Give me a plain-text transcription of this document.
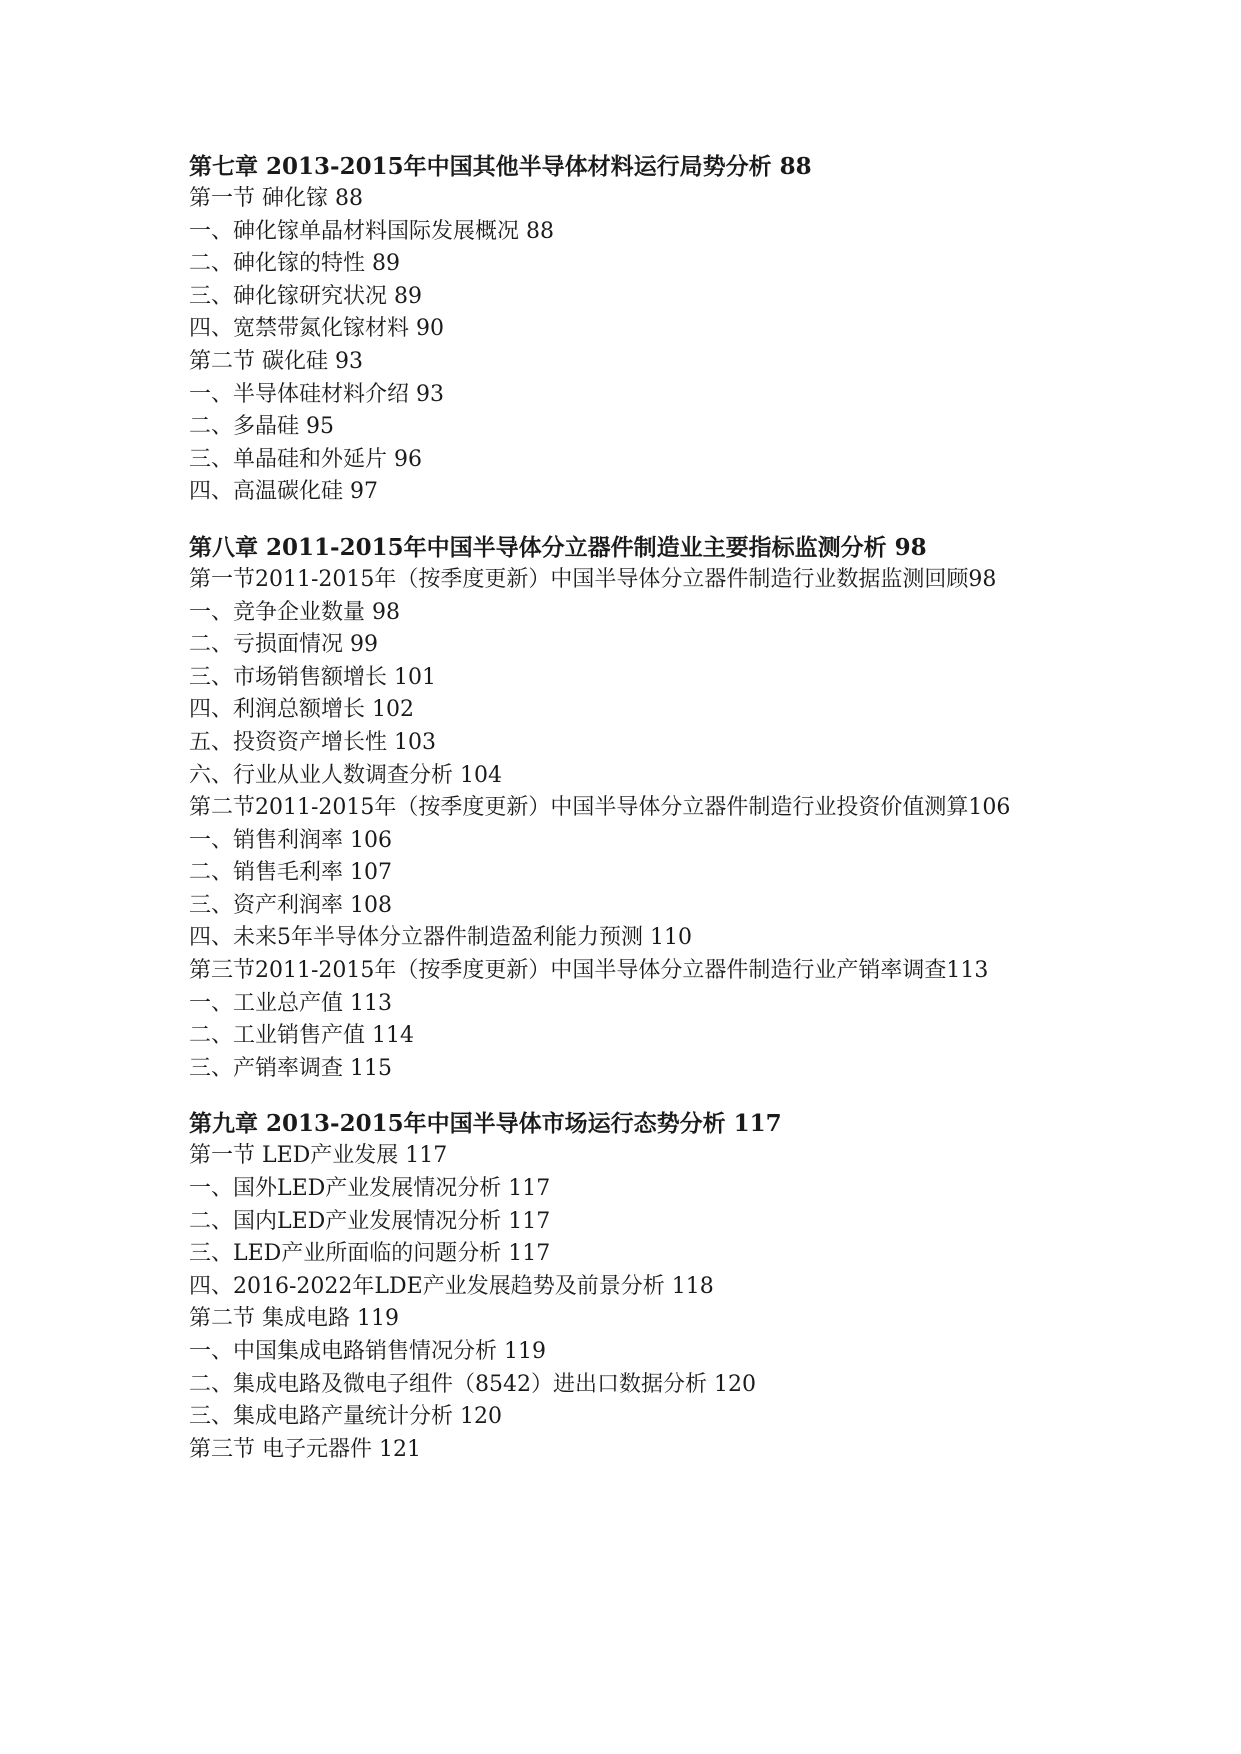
第七章 2013-2015年中国其他半导体材料运行局势分析 88
第一节 砷化镓 88
一、砷化镓单晶材料国际发展概况 88
二、砷化镓的特性 89
三、砷化镓研究状况 89
四、宽禁带氮化镓材料 90
第二节 碳化硅 93
一、半导体硅材料介绍 93
二、多晶硅 95
三、单晶硅和外延片 96
四、高温碳化硅 97
第八章 2011-2015年中国半导体分立器件制造业主要指标监测分析 98
第一节2011-2015年（按季度更新）中国半导体分立器件制造行业数据监测回顾98
一、竞争企业数量 98
二、亏损面情况 99
三、市场销售额增长 101
四、利润总额增长 102
五、投资资产增长性 103
六、行业从业人数调查分析 104
第二节2011-2015年（按季度更新）中国半导体分立器件制造行业投资价值测算106
一、销售利润率 106
二、销售毛利率 107
三、资产利润率 108
四、未来5年半导体分立器件制造盈利能力预测 110
第三节2011-2015年（按季度更新）中国半导体分立器件制造行业产销率调查113
一、工业总产值 113
二、工业销售产值 114
三、产销率调查 115
第九章 2013-2015年中国半导体市场运行态势分析 117
第一节 LED产业发展 117
一、国外LED产业发展情况分析 117
二、国内LED产业发展情况分析 117
三、LED产业所面临的问题分析 117
四、2016-2022年LDE产业发展趋势及前景分析 118
第二节 集成电路 119
一、中国集成电路销售情况分析 119
二、集成电路及微电子组件（8542）进出口数据分析 120
三、集成电路产量统计分析 120
第三节 电子元器件 121
